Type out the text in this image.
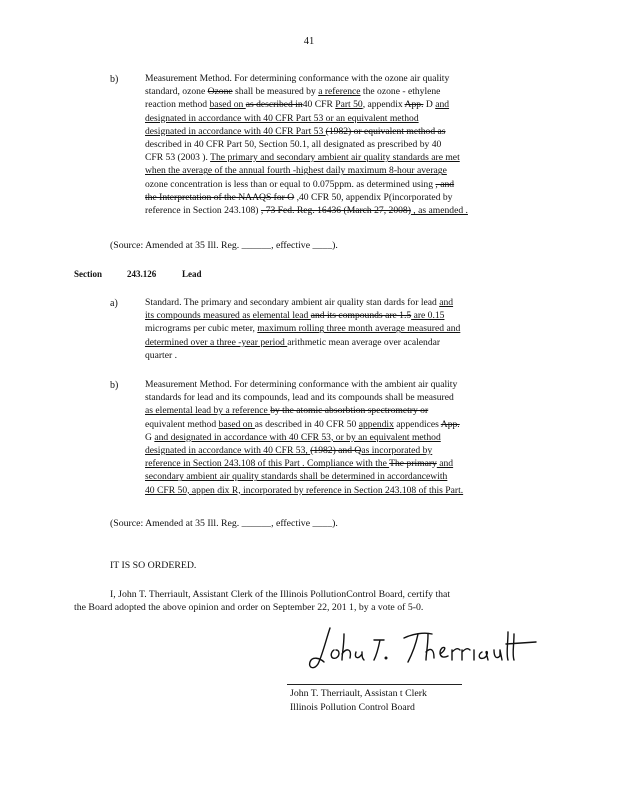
41
b)	Measurement Method. For determining conformance with the ozone air quality
standard, ozone Ozone shall be measured by a reference the ozone - ethylene
reaction method based on as described in40 CFR Part 50, appendix App. D and
designated in accordance with 40 CFR Part 53 or an equivalent method
designated in accordance with 40 CFR Part 53 (1982) or equivalent method as
described in 40 CFR Part 50, Section 50.1, all designated as prescribed by 40
CFR 53 (2003 ). The primary and secondary ambient air quality standards are met
when the average of the annual fourth -highest daily maximum 8-hour average
ozone concentration is less than or equal to 0.075ppm. as determined using , and
the Interpretation of the NAAQS for O ,40 CFR 50, appendix P(incorporated by
reference in Section 243.108) , 73 Fed. Reg. 16436 (March 27, 2008) , as amended .
(Source: Amended at 35 Ill. Reg. ______, effective ____).
Section	243.126	Lead
a)	Standard. The primary and secondary ambient air quality stan dards for lead and
its compounds measured as elemental lead and its compounds are 1.5 are 0.15
micrograms per cubic meter, maximum rolling three month average measured and
determined over a three -year period arithmetic mean average over acalendar
quarter .
b)	Measurement Method. For determining conformance with the ambient air quality
standards for lead and its compounds, lead and its compounds shall be measured
as elemental lead by a reference by the atomic absorbtion spectrometry or
equivalent method based on as described in 40 CFR 50 appendix appendices App.
G and designated in accordance with 40 CFR 53, or by an equivalent method
designated in accordance with 40 CFR 53, (1982) and Qas incorporated by
reference in Section 243.108 of this Part . Compliance with the The primary and
secondary ambient air quality standards shall be determined in accordancewith
40 CFR 50, appen dix R, incorporated by reference in Section 243.108 of this Part.
(Source: Amended at 35 Ill. Reg. ______, effective ____).
IT IS SO ORDERED.
I, John T. Therriault, Assistant Clerk of the Illinois PollutionControl Board, certify that
the Board adopted the above opinion and order on September 22, 201 1, by a vote of 5-0.
John T. Therriault, Assistan t Clerk
Illinois Pollution Control Board
